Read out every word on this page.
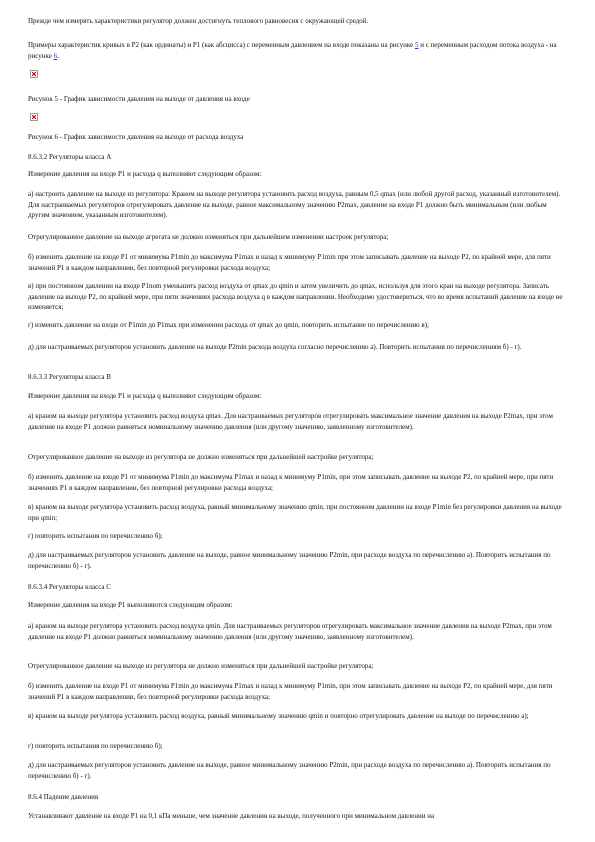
Прежде чем измерять характеристики регулятор должен достигнуть теплового равновесия с окружающей средой.

Примеры характеристик кривых в P2 (как ординаты) и P1 (как абсцисса) с переменным давлением на входе показаны на рисунке 5 и с переменным расходом потока воздуха - на рисунке 6.

Рисунок 5 - График зависимости давления на выходе от давления на входе

Рисунок 6 - График зависимости давления на выходе от расхода воздуха

8.6.3.2 Регуляторы класса А

Измерение давления на входе P1 и расхода q выполняют следующим образом:

а) настроить давление на выходе из регулятора: Краном на выходе регулятора установить расход воздуха, равным 0,5 qmax (или любой другой расход, указанный изготовителем). Для настраиваемых регуляторов отрегулировать давление на выходе, равное максимальному значению P2max, давление на входе P1 должно быть минимальным (или любым другим значением, указанным изготовителем).

Отрегулированное давление на выходе агрегата не должно изменяться при дальнейшем изменении настроек регулятора;

б) изменить давление на входе P1 от минимума P1min до максимума P1max и назад к минимуму P1min при этом записывать давление на выходе P2, по крайней мере, для пяти значений P1 в каждом направлении, без повторной регулировки расхода воздуха;

в) при постоянном давлении на входе P1nom уменьшить расход воздуха от qmax до qmin и затем увеличить до qmax, используя для этого кран на выходе регулятора. Записать давление на выходе P2, по крайней мере, при пяти значениях расхода воздуха q в каждом направлении. Необходимо удостовериться, что во время испытаний давление на входе не изменяется;

г) изменить давление на входе от P1min до P1max при изменении расхода от qmax до qmin, повторить испытание по перечислению в);

д) для настраиваемых регуляторов установить давление на выходе P2min расхода воздуха согласно перечислению а). Повторить испытания по перечислениям б) - г).

8.6.3.3 Регуляторы класса В

Измерение давления на входе P1 и расхода q выполняют следующим образом:

а) краном на выходе регулятора установить расход воздуха qmax. Для настраиваемых регуляторов отрегулировать максимальное значение давления на выходе P2max, при этом давление на входе P1 должно равняться номинальному значению давления (или другому значению, заявленному изготовителем).

Отрегулированное давление на выходе из регулятора не должно изменяться при дальнейшей настройке регулятора;

б) изменить давление на входе P1 от минимума P1min до максимума P1max и назад к минимуму P1min, при этом записывать давление на выходе P2, по крайней мере, при пяти значениях P1 в каждом направлении, без повторной регулировки расхода воздуха;

в) краном на выходе регулятора установить расход воздуха, равный минимальному значению qmin, при постоянном давлении на входе P1min без регулировки давления на выходе при qmin;

г) повторить испытания по перечислению б);

д) для настраиваемых регуляторов установить давление на выходе, равное минимальному значению P2min, при расходе воздуха по перечислению а). Повторить испытания по перечислению б) - г).

8.6.3.4 Регуляторы класса С

Измерение давления на входе P1 выполняются следующим образом:

а) краном на выходе регулятора установить расход воздуха qmin. Для настраиваемых регуляторов отрегулировать максимальное значение давления на выходе P2max, при этом давление на входе P1 должно равняться номинальному значению давления (или другому значению, заявленному изготовителем).

Отрегулированное давление на выходе из регулятора не должно изменяться при дальнейшей настройке регулятора;

б) изменить давление на входе P1 от минимума P1min до максимума P1max и назад к минимуму P1min, при этом записывать давление на выходе P2, по крайней мере, для пяти значений P1 в каждом направлении, без повторной регулировки расхода воздуха;

в) краном на выходе регулятора установить расход воздуха, равный минимальному значению qmin и повторно отрегулировать давление на выходе по перечислению а);

г) повторить испытания по перечислению б);

д) для настраиваемых регуляторов установить давление на выходе, равное минимальному значению P2min, при расходе воздуха по перечислению а). Повторить испытания по перечислению б) - г).

8.6.4 Падение давления

Устанавливают давление на входе P1 на 0,1 кПа меньше, чем значение давления на выходе, полученного при минимальном давлении на
